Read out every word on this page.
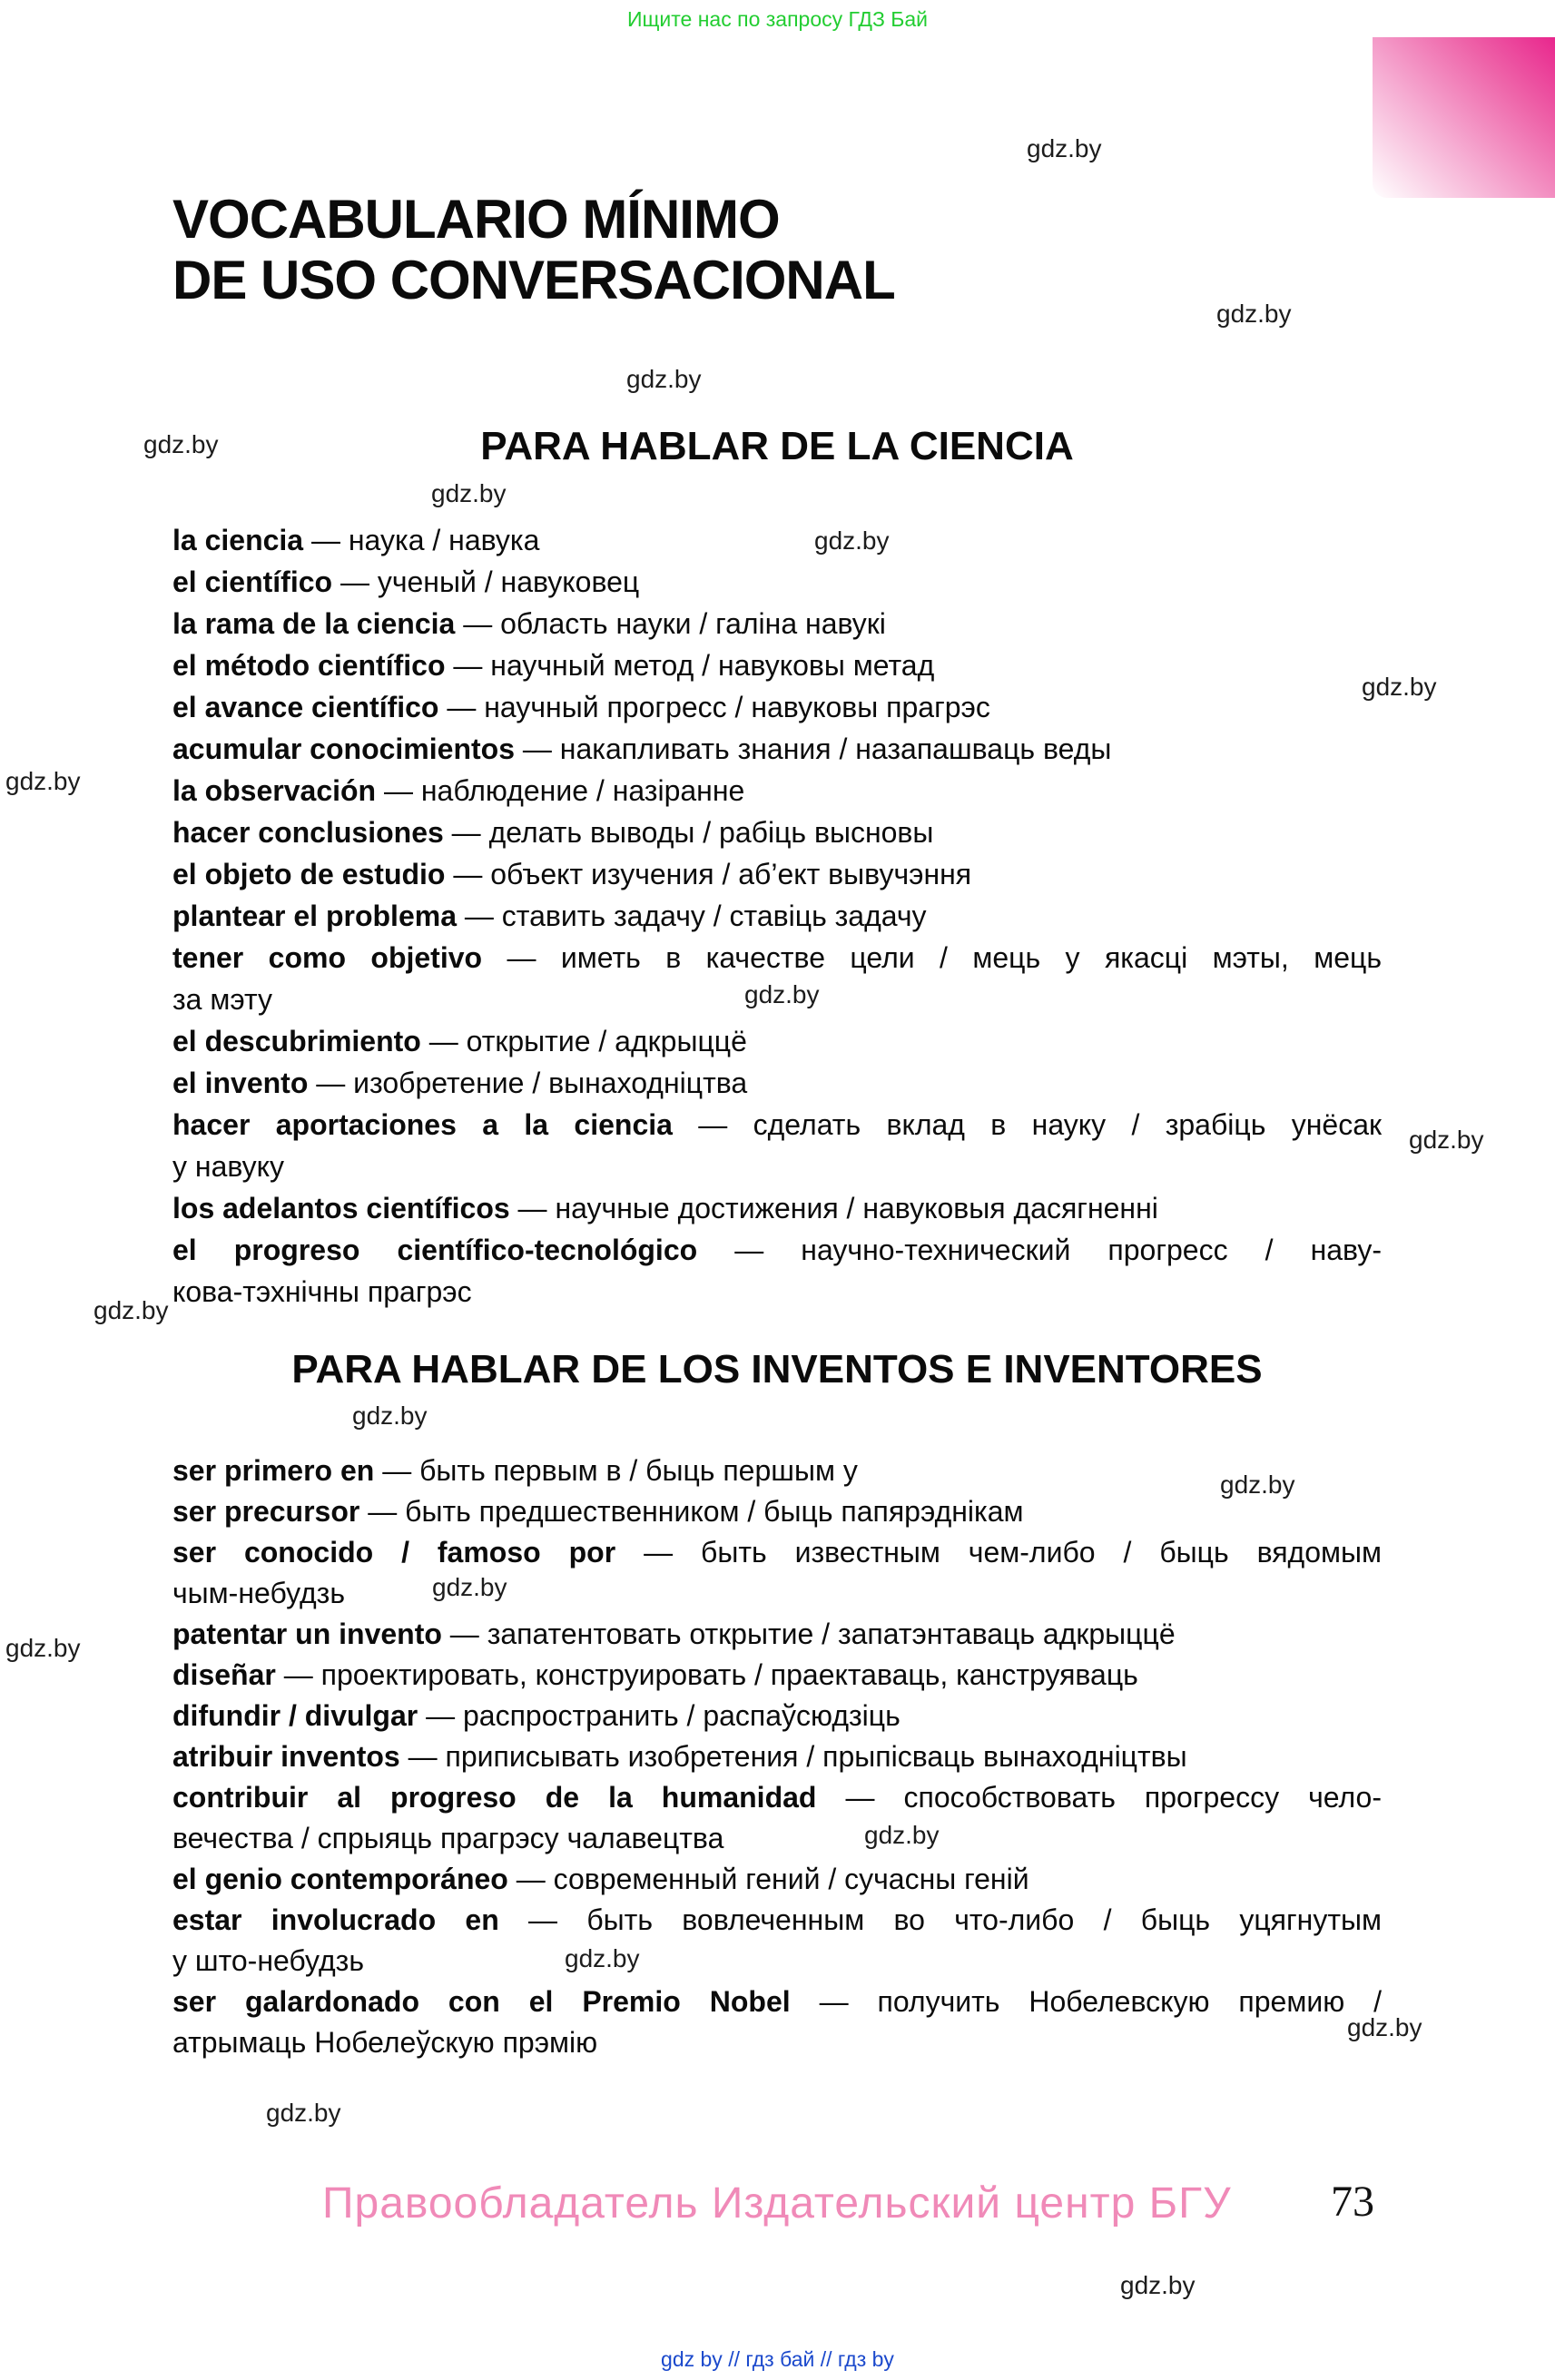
Ищите нас по запросу ГДЗ Бай
gdz.by
gdz.by
gdz.by
gdz.by
gdz.by
gdz.by
gdz.by
gdz.by
gdz.by
gdz.by
gdz.by
gdz.by
gdz.by
gdz.by
gdz.by
gdz.by
gdz.by
gdz.by
gdz.by
gdz.by
VOCABULARIO MÍNIMO
DE USO CONVERSACIONAL
PARA HABLAR DE LA CIENCIA
la ciencia — наука / навука
el científico — ученый / навуковец
la rama de la ciencia — область науки / галіна навукі
el método científico — научный метод / навуковы метад
el avance científico — научный прогресс / навуковы прагрэс
acumular conocimientos — накапливать знания / назапашваць веды
la observación — наблюдение / назіранне
hacer conclusiones — делать выводы / рабіць высновы
el objeto de estudio — объект изучения / аб’ект вывучэння
plantear el problema — ставить задачу / ставіць задачу
tener como objetivo — иметь в качестве цели / мець у якасці мэты, мець
за мэту
el descubrimiento — открытие / адкрыццё
el invento — изобретение / вынаходніцтва
hacer aportaciones a la ciencia — сделать вклад в науку / зрабіць унёсак
у навуку
los adelantos científicos — научные достижения / навуковыя дасягненні
el progreso científico-tecnológico — научно-технический прогресс / наву-
кова-тэхнічны прагрэс
PARA HABLAR DE LOS INVENTOS E INVENTORES
ser primero en — быть первым в / быць першым у
ser precursor — быть предшественником / быць папярэднікам
ser conocido / famoso por — быть известным чем-либо / быць вядомым
чым-небудзь
patentar un invento — запатентовать открытие / запатэнтаваць адкрыццё
diseñar — проектировать, конструировать / праектаваць, канструяваць
difundir / divulgar — распространить / распаўсюдзіць
atribuir inventos — приписывать изобретения / прыпісваць вынаходніцтвы
contribuir al progreso de la humanidad — способствовать прогрессу чело-
вечества / спрыяць прагрэсу чалавецтва
el genio contemporáneo — современный гений / сучасны геній
estar involucrado en — быть вовлеченным во что-либо / быць уцягнутым
у што-небудзь
ser galardonado con el Premio Nobel — получить Нобелевскую премию /
атрымаць Нобелеўскую прэмію
Правообладатель Издательский центр БГУ 73
gdz by // гдз бай // гдз by
